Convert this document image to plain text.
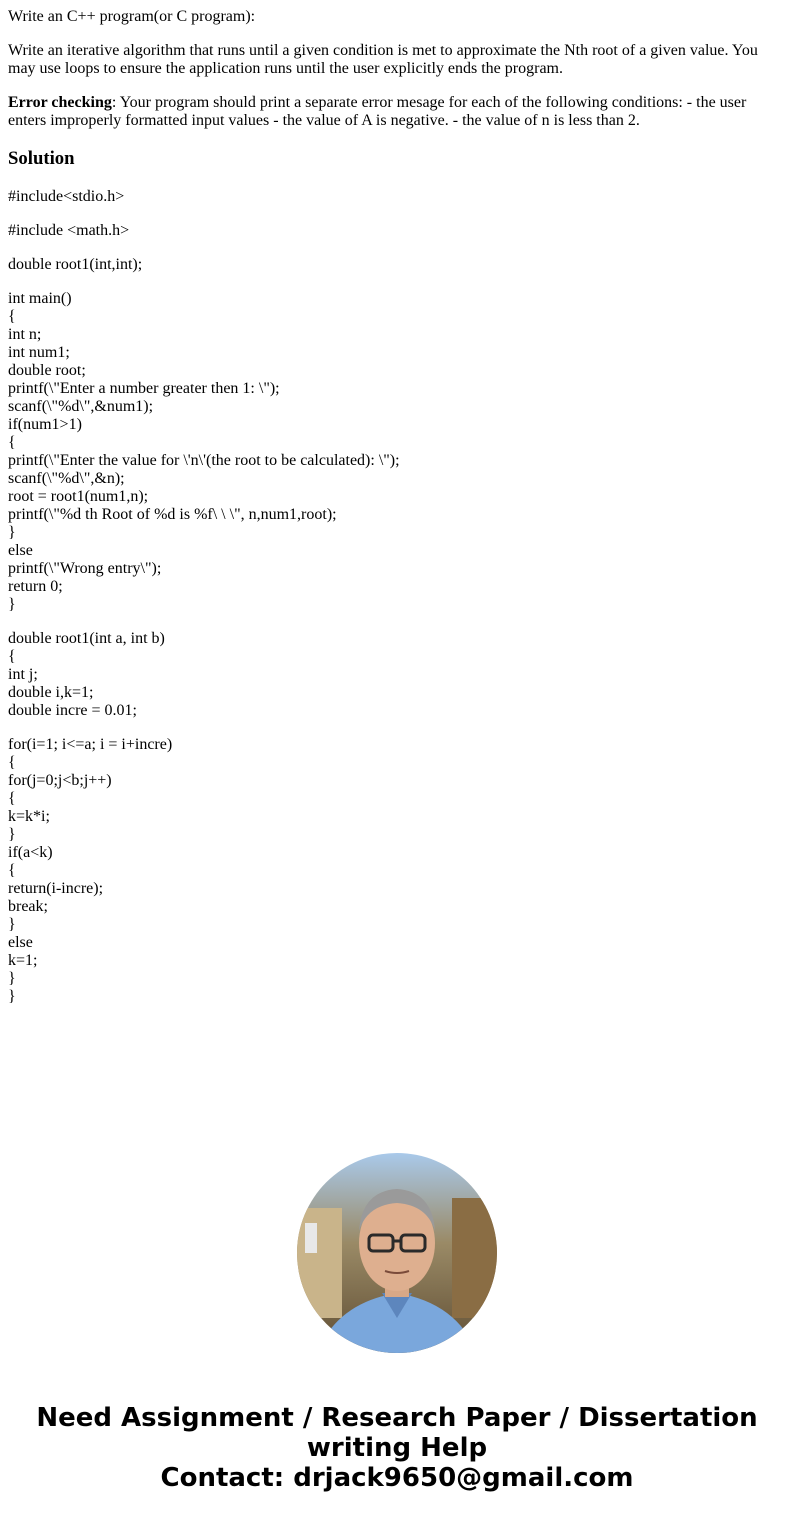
Write an C++ program(or C program):

Write an iterative algorithm that runs until a given condition is met to approximate the Nth root of a given value. You may use loops to ensure the application runs until the user explicitly ends the program.

Error checking: Your program should print a separate error mesage for each of the following conditions: - the user enters improperly formatted input values - the value of A is negative. - the value of n is less than 2.

Solution
#include<stdio.h>
#include <math.h>
double root1(int,int);
int main()
{
int n;
int num1;
double root;
printf(\"Enter a number greater then 1: \");
scanf(\"%d\",&num1);
if(num1>1)
{
printf(\"Enter the value for \'n\'(the root to be calculated): \");
scanf(\"%d\",&n);
root = root1(num1,n);
printf(\"%d th Root of %d is %f\ \ \", n,num1,root);
}
else
printf(\"Wrong entry\");
return 0;
}
double root1(int a, int b)
{
int j;
double i,k=1;
double incre = 0.01;
for(i=1; i<=a; i = i+incre)
{
for(j=0;j<b;j++)
{
k=k*i;
}
if(a<k)
{
return(i-incre);
break;
}
else
k=1;
}
}
Need Assignment / Research Paper / Dissertation
writing Help
Contact: drjack9650@gmail.com
